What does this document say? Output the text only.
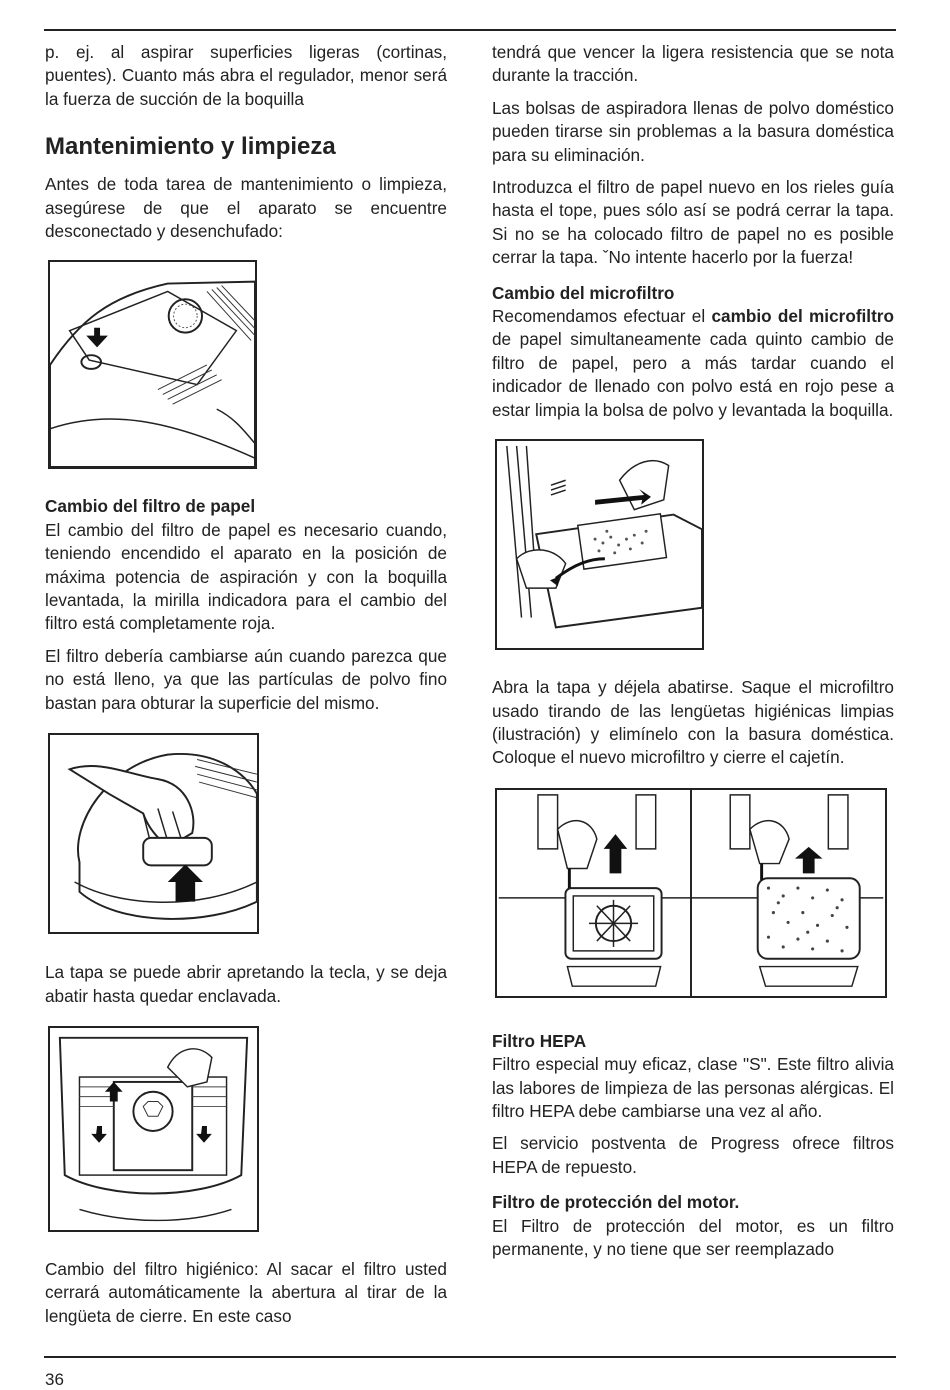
p. ej. al aspirar superficies ligeras (cortinas, puentes). Cuanto más abra el regulador, menor será la fuerza de succión de la boquilla

Mantenimiento y limpieza

Antes de toda tarea de mantenimiento o limpieza, asegúrese de que el aparato se encuentre desconectado y desenchufado:

Cambio del filtro de papel

El cambio del filtro de papel es necesario cuando, teniendo encendido el aparato en la posición de máxima potencia de aspiración y con la boquilla levantada, la mirilla indicadora para el cambio del filtro está completamente roja.

El filtro debería cambiarse aún cuando parezca que no está lleno, ya que las partículas de polvo fino bastan para obturar la superficie del mismo.

La tapa se puede abrir apretando la tecla, y se deja abatir hasta quedar enclavada.

Cambio del filtro higiénico: Al sacar el filtro usted cerrará automáticamente la abertura al tirar de la lengüeta de cierre. En este caso

tendrá que vencer la ligera resistencia que se nota durante la tracción.

Las bolsas de aspiradora llenas de polvo doméstico pueden tirarse sin problemas a la basura doméstica para su eliminación.

Introduzca el filtro de papel nuevo en los rieles guía hasta el tope, pues sólo así se podrá cerrar la tapa. Si no se ha colocado filtro de papel no es posible cerrar la tapa. ˇNo intente hacerlo por la fuerza!

Cambio del microfiltro

Recomendamos efectuar el cambio del microfiltro de papel simultaneamente cada quinto cambio de filtro de papel, pero a más tardar cuando el indicador de llenado con polvo está en rojo pese a estar limpia la bolsa de polvo y levantada la boquilla.

Abra la tapa y déjela abatirse. Saque el microfiltro usado tirando de las lengüetas higiénicas limpias (ilustración) y elimínelo con la basura doméstica. Coloque el nuevo microfiltro y cierre el cajetín.

Filtro HEPA

Filtro especial muy eficaz, clase "S". Este filtro alivia las labores de limpieza de las personas alérgicas. El filtro HEPA debe cambiarse una vez al año.

El servicio postventa de Progress ofrece filtros HEPA de repuesto.

Filtro de protección del motor.

El Filtro de protección del motor, es un filtro permanente, y no tiene que ser reemplazado

36
